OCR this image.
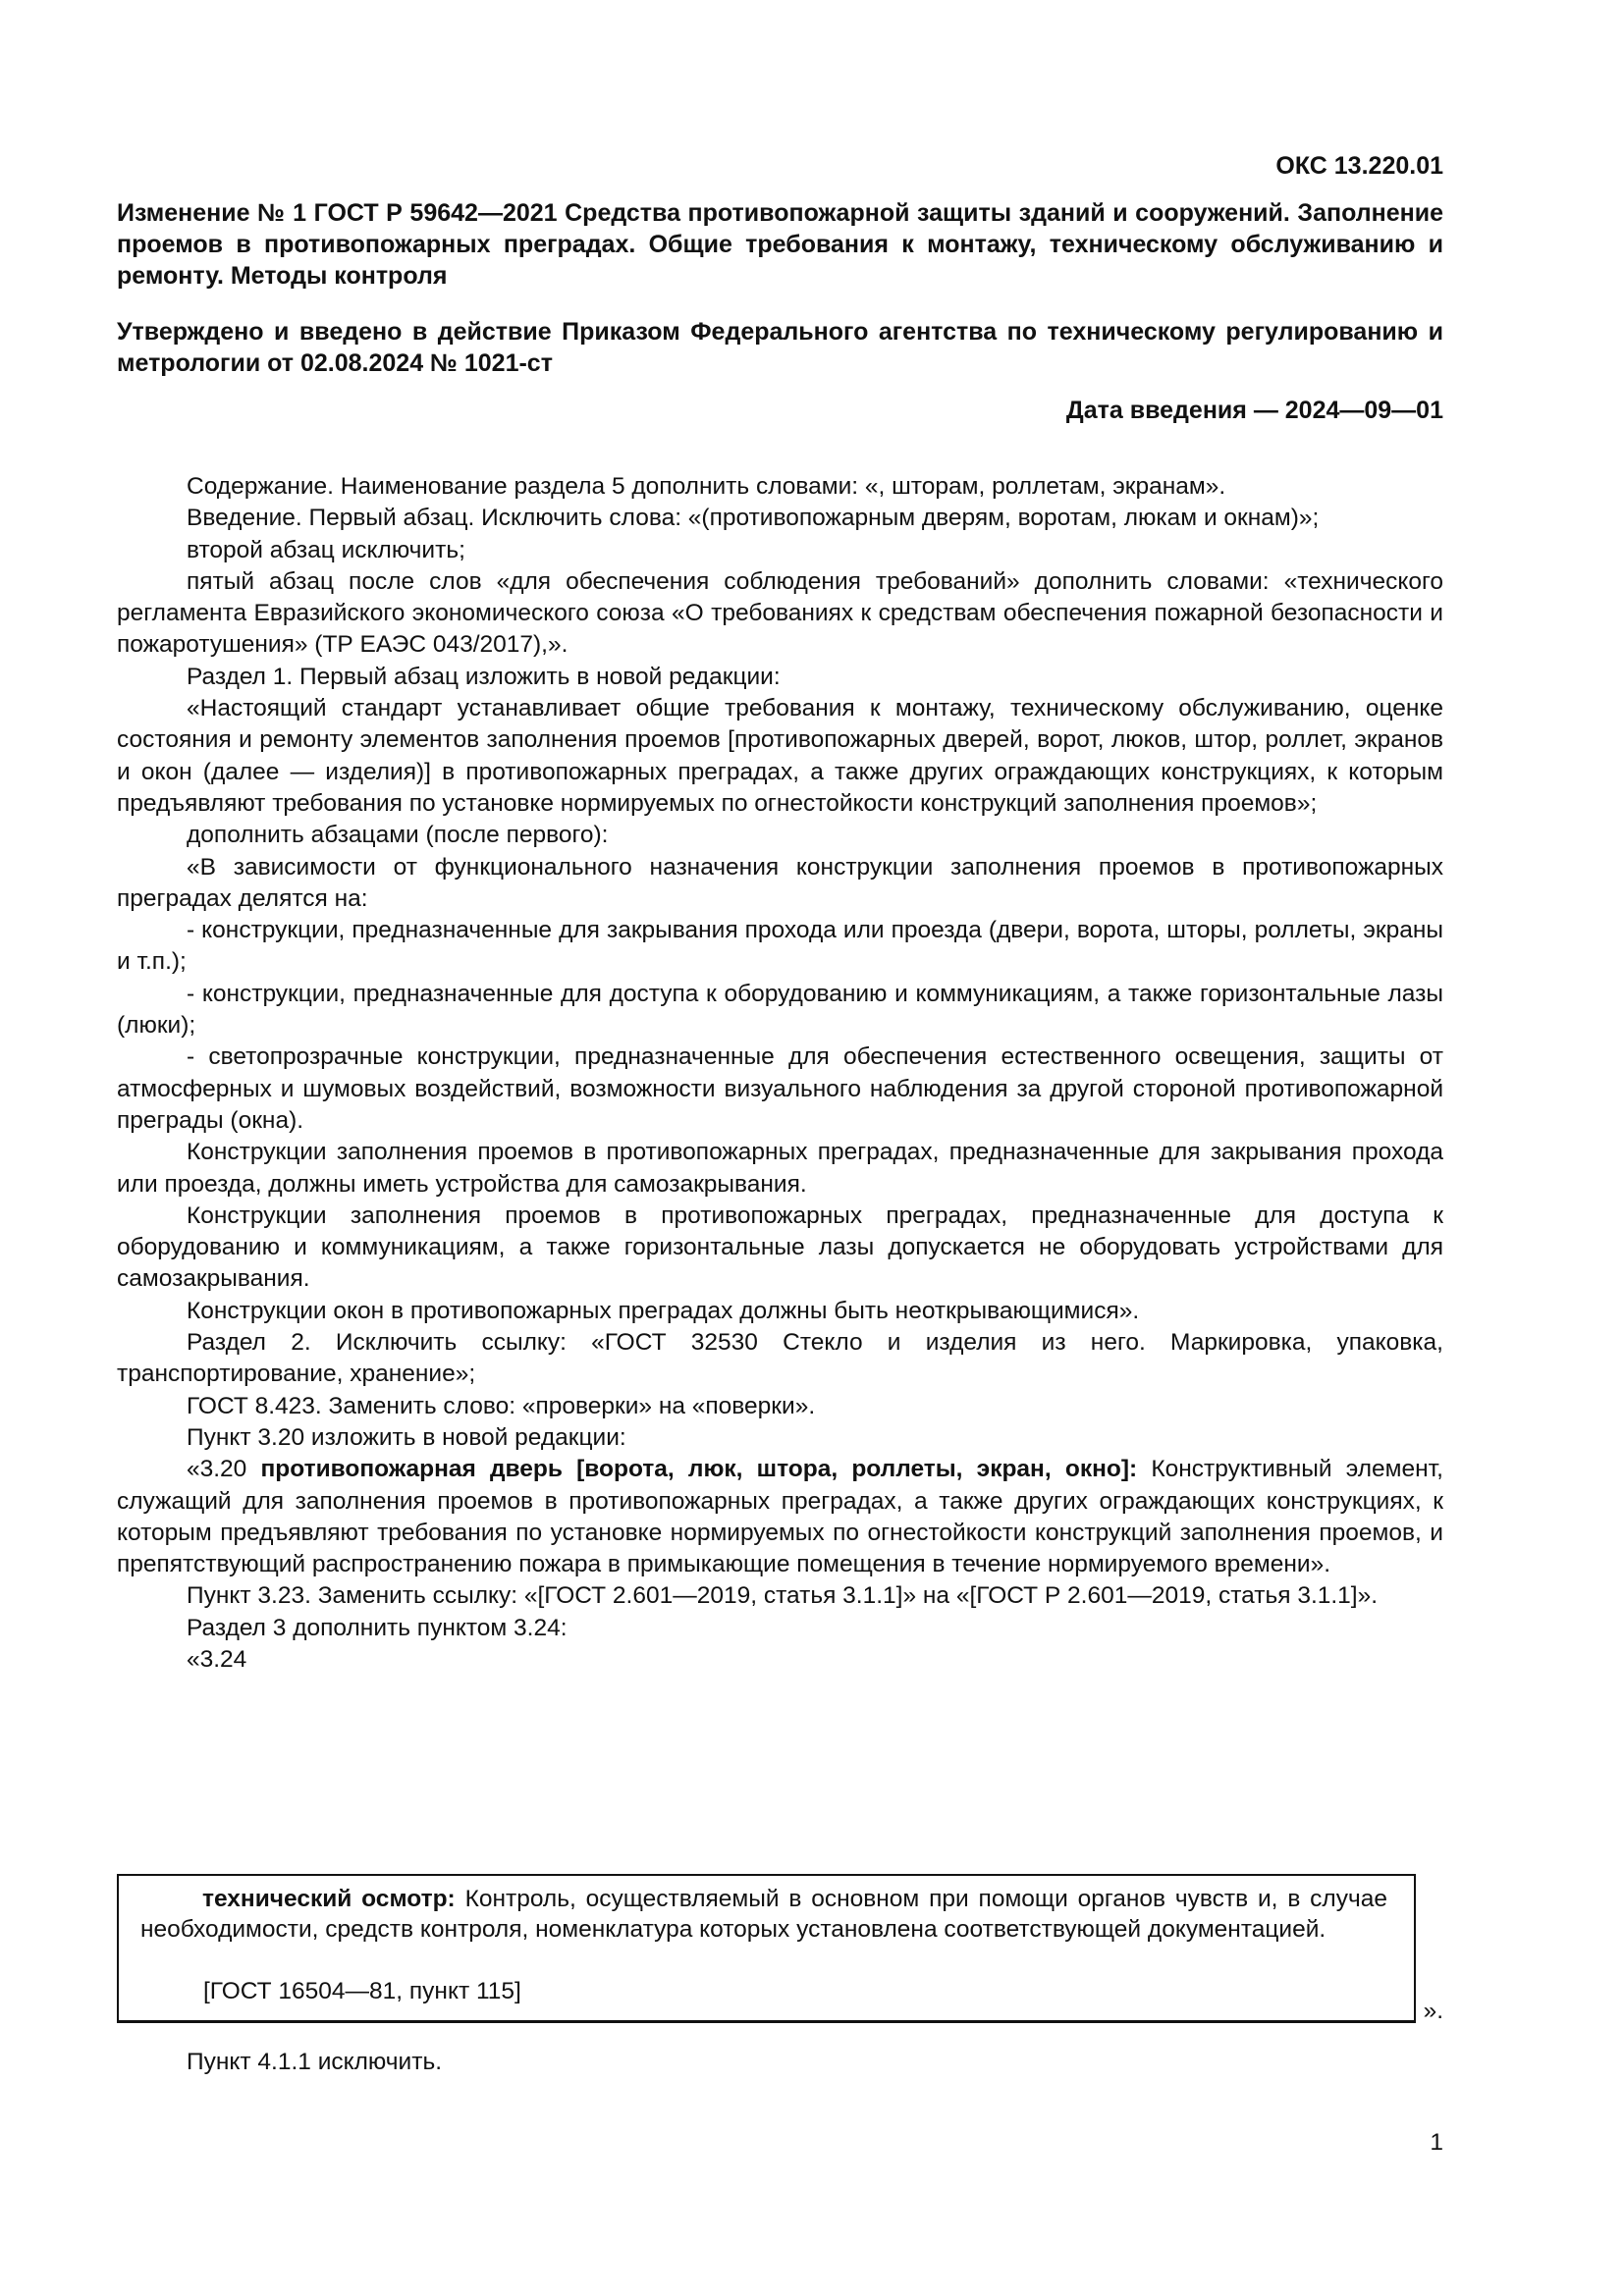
ОКС 13.220.01
Изменение № 1 ГОСТ Р 59642—2021 Средства противопожарной защиты зданий и сооружений. Заполнение проемов в противопожарных преградах. Общие требования к монтажу, техническому обслуживанию и ремонту. Методы контроля
Утверждено и введено в действие Приказом Федерального агентства по техническому регулированию и метрологии от 02.08.2024 № 1021-ст
Дата введения — 2024—09—01

Содержание. Наименование раздела 5 дополнить словами: «, шторам, роллетам, экранам».

Введение. Первый абзац. Исключить слова: «(противопожарным дверям, воротам, люкам и окнам)»;

второй абзац исключить;

пятый абзац после слов «для обеспечения соблюдения требований» дополнить словами: «технического регламента Евразийского экономического союза «О требованиях к средствам обеспечения пожарной безопасности и пожаротушения» (ТР ЕАЭС 043/2017),».

Раздел 1. Первый абзац изложить в новой редакции:

«Настоящий стандарт устанавливает общие требования к монтажу, техническому обслуживанию, оценке состояния и ремонту элементов заполнения проемов [противопожарных дверей, ворот, люков, штор, роллет, экранов и окон (далее — изделия)] в противопожарных преградах, а также других ограждающих конструкциях, к которым предъявляют требования по установке нормируемых по огнестойкости конструкций заполнения проемов»;

дополнить абзацами (после первого):

«В зависимости от функционального назначения конструкции заполнения проемов в противопожарных преградах делятся на:

- конструкции, предназначенные для закрывания прохода или проезда (двери, ворота, шторы, роллеты, экраны и т.п.);

- конструкции, предназначенные для доступа к оборудованию и коммуникациям, а также горизонтальные лазы (люки);

- светопрозрачные конструкции, предназначенные для обеспечения естественного освещения, защиты от атмосферных и шумовых воздействий, возможности визуального наблюдения за другой стороной противопожарной преграды (окна).

Конструкции заполнения проемов в противопожарных преградах, предназначенные для закрывания прохода или проезда, должны иметь устройства для самозакрывания.

Конструкции заполнения проемов в противопожарных преградах, предназначенные для доступа к оборудованию и коммуникациям, а также горизонтальные лазы допускается не оборудовать устройствами для самозакрывания.

Конструкции окон в противопожарных преградах должны быть неоткрывающимися».

Раздел 2. Исключить ссылку: «ГОСТ 32530 Стекло и изделия из него. Маркировка, упаковка, транспортирование, хранение»;

ГОСТ 8.423. Заменить слово: «проверки» на «поверки».

Пункт 3.20 изложить в новой редакции:

«3.20 противопожарная дверь [ворота, люк, штора, роллеты, экран, окно]: Конструктивный элемент, служащий для заполнения проемов в противопожарных преградах, а также других ограждающих конструкциях, к которым предъявляют требования по установке нормируемых по огнестойкости конструкций заполнения проемов, и препятствующий распространению пожара в примыкающие помещения в течение нормируемого времени».

Пункт 3.23. Заменить ссылку: «[ГОСТ 2.601—2019, статья 3.1.1]» на «[ГОСТ Р 2.601—2019, статья 3.1.1]».

Раздел 3 дополнить пунктом 3.24:

«3.24

технический осмотр: Контроль, осуществляемый в основном при помощи органов чувств и, в случае необходимости, средств контроля, номенклатура которых установлена соответствующей документацией.

[ГОСТ 16504—81, пункт 115]

».

Пункт 4.1.1 исключить.

1
